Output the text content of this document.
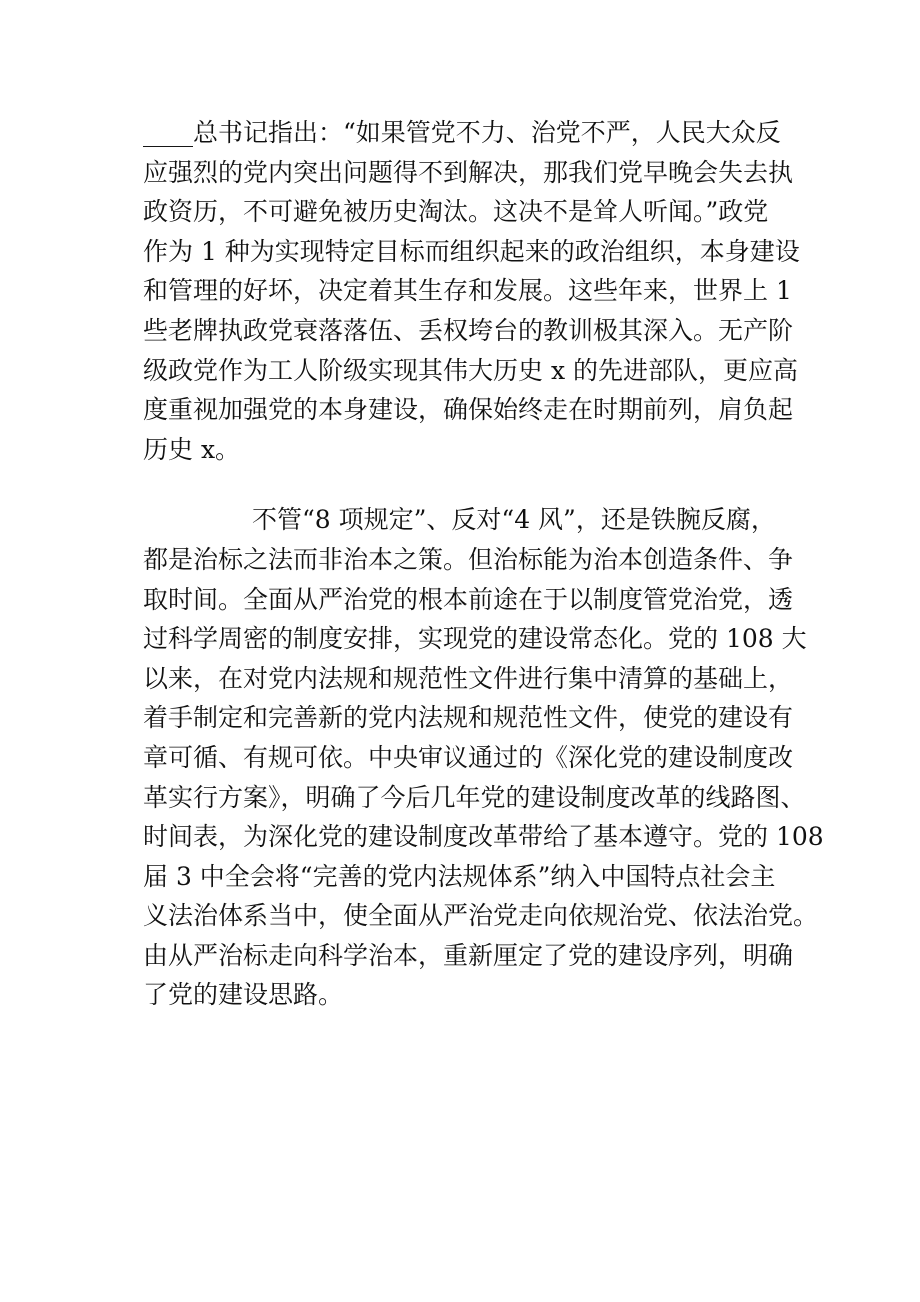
____总书记指出：“如果管党不力、治党不严，人民大众反
应强烈的党内突出问题得不到解决，那我们党早晚会失去执
政资历，不可避免被历史淘汰。这决不是耸人听闻。”政党
作为 1 种为实现特定目标而组织起来的政治组织，本身建设
和管理的好坏，决定着其生存和发展。这些年来，世界上 1
些老牌执政党衰落落伍、丢权垮台的教训极其深入。无产阶
级政党作为工人阶级实现其伟大历史 x 的先进部队，更应高
度重视加强党的本身建设，确保始终走在时期前列，肩负起
历史 x。
不管“8 项规定”、反对“4 风”，还是铁腕反腐，
都是治标之法而非治本之策。但治标能为治本创造条件、争
取时间。全面从严治党的根本前途在于以制度管党治党，透
过科学周密的制度安排，实现党的建设常态化。党的 108 大
以来，在对党内法规和规范性文件进行集中清算的基础上，
着手制定和完善新的党内法规和规范性文件，使党的建设有
章可循、有规可依。中央审议通过的《深化党的建设制度改
革实行方案》，明确了今后几年党的建设制度改革的线路图、
时间表，为深化党的建设制度改革带给了基本遵守。党的 108
届 3 中全会将“完善的党内法规体系”纳入中国特点社会主
义法治体系当中，使全面从严治党走向依规治党、依法治党。
由从严治标走向科学治本，重新厘定了党的建设序列，明确
了党的建设思路。
